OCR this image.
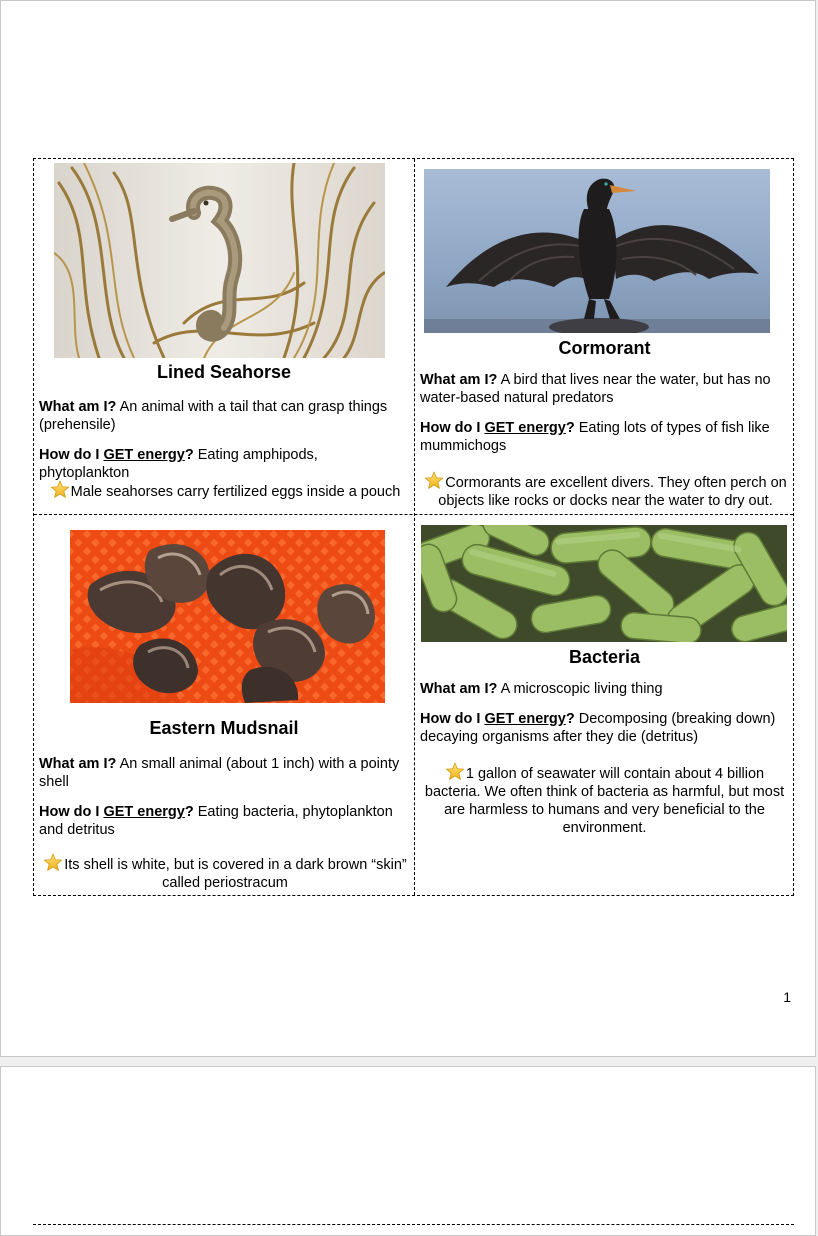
Lined Seahorse
What am I? An animal with a tail that can grasp things (prehensile)
How do I GET energy? Eating amphipods, phytoplankton
Male seahorses carry fertilized eggs inside a pouch
Cormorant
What am I? A bird that lives near the water, but has no water-based natural predators
How do I GET energy? Eating lots of types of fish like mummichogs
Cormorants are excellent divers. They often perch on objects like rocks or docks near the water to dry out.
Eastern Mudsnail
What am I? An small animal (about 1 inch) with a pointy shell
How do I GET energy? Eating bacteria, phytoplankton and detritus
Its shell is white, but is covered in a dark brown “skin” called periostracum
Bacteria
What am I? A microscopic living thing
How do I GET energy? Decomposing (breaking down) decaying organisms after they die (detritus)
1 gallon of seawater will contain about 4 billion bacteria. We often think of bacteria as harmful, but most are harmless to humans and very beneficial to the environment.
1
